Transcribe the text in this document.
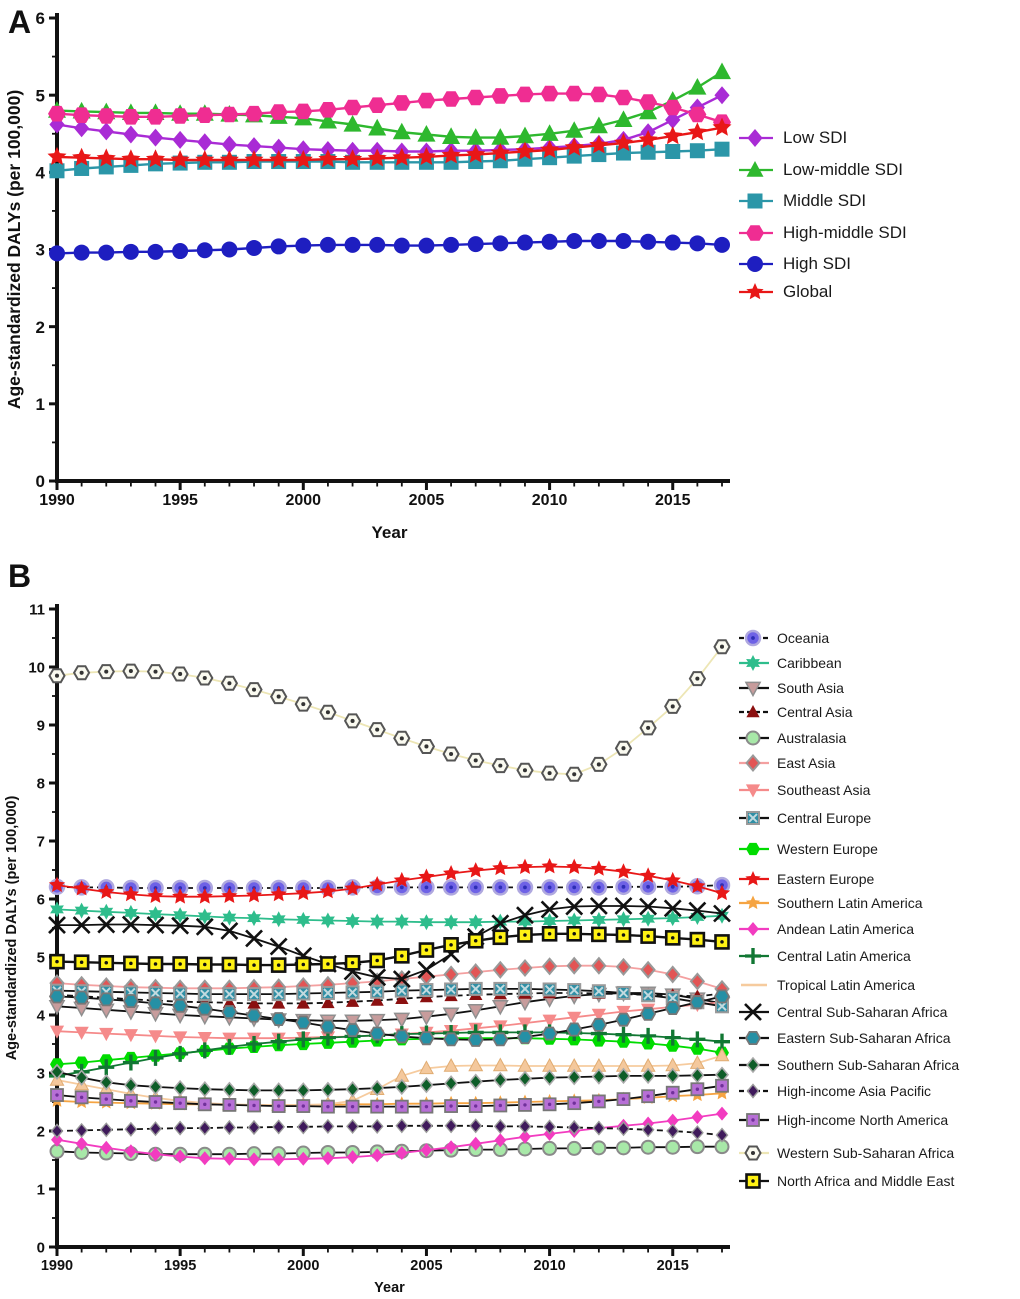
0
1
2
3
4
5
6
1990	1995	2000	2005	2010	2015
Year
Age-standardized DALYs (per 100,000)
0
1
2
3
4
5
6
7
8
9
10
11
1990	1995	2000	2005	2010	2015
Year
Age-standardized DALYs (per 100,000)
A
B
Low SDI
Low-middle SDI
Middle SDI
High-middle SDI
High SDI
Global
Oceania
Caribbean
South Asia
Central Asia
Australasia
East Asia
Southeast Asia
Central Europe
Western Europe
Eastern Europe
Southern Latin America
Andean Latin America
Central Latin America
Tropical Latin America
Central Sub-Saharan Africa
Eastern Sub-Saharan Africa
Southern Sub-Saharan Africa
High-income Asia Pacific
High-income North America
Western Sub-Saharan Africa
North Africa and Middle East
